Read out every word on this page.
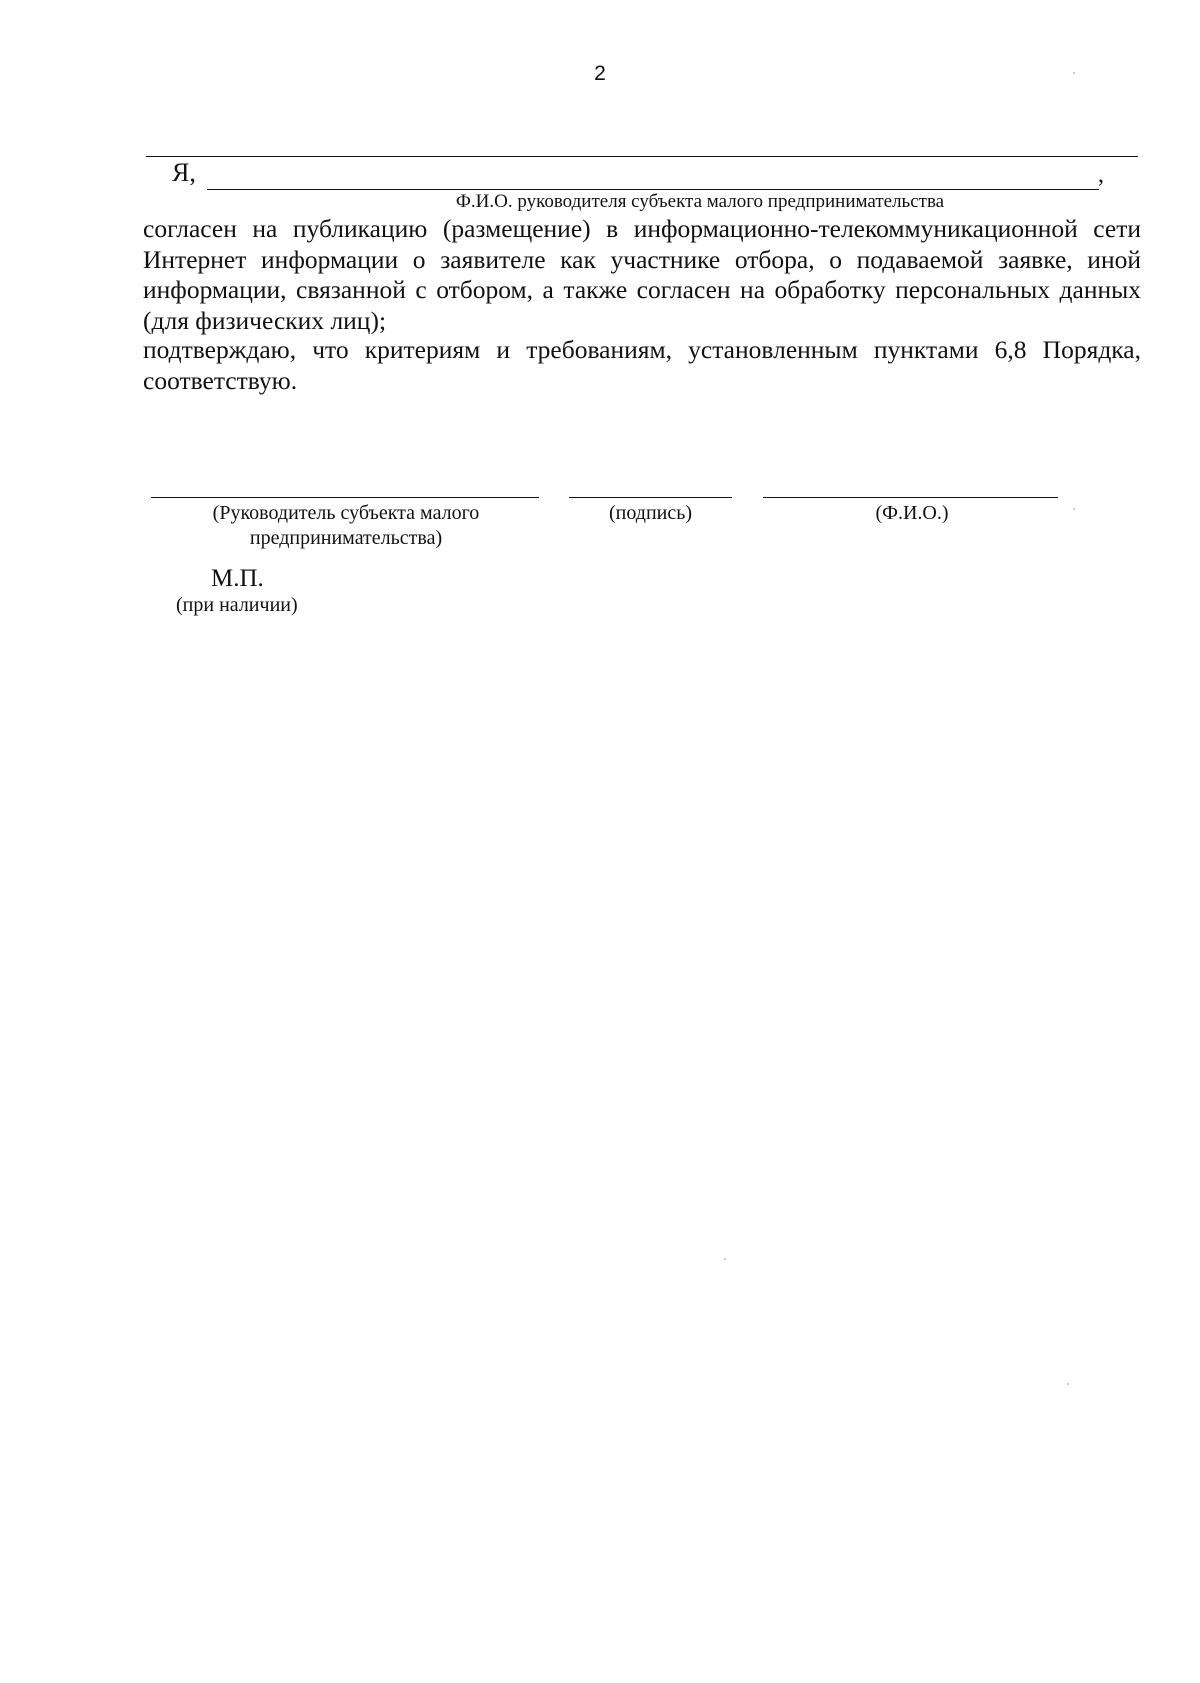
2
Я,	,
Ф.И.О. руководителя субъекта малого предпринимательства

согласен на публикацию (размещение) в информационно-телекоммуникационной сети Интернет информации о заявителе как участнике отбора, о подаваемой заявке, иной информации, связанной с отбором, а также согласен на обработку персональных данных (для физических лиц);

подтверждаю, что критериям и требованиям, установленным пунктами 6,8 Порядка, соответствую.

(Руководитель субъекта малого предпринимательства)
(подпись)	(Ф.И.О.)
М.П.
(при наличии)
